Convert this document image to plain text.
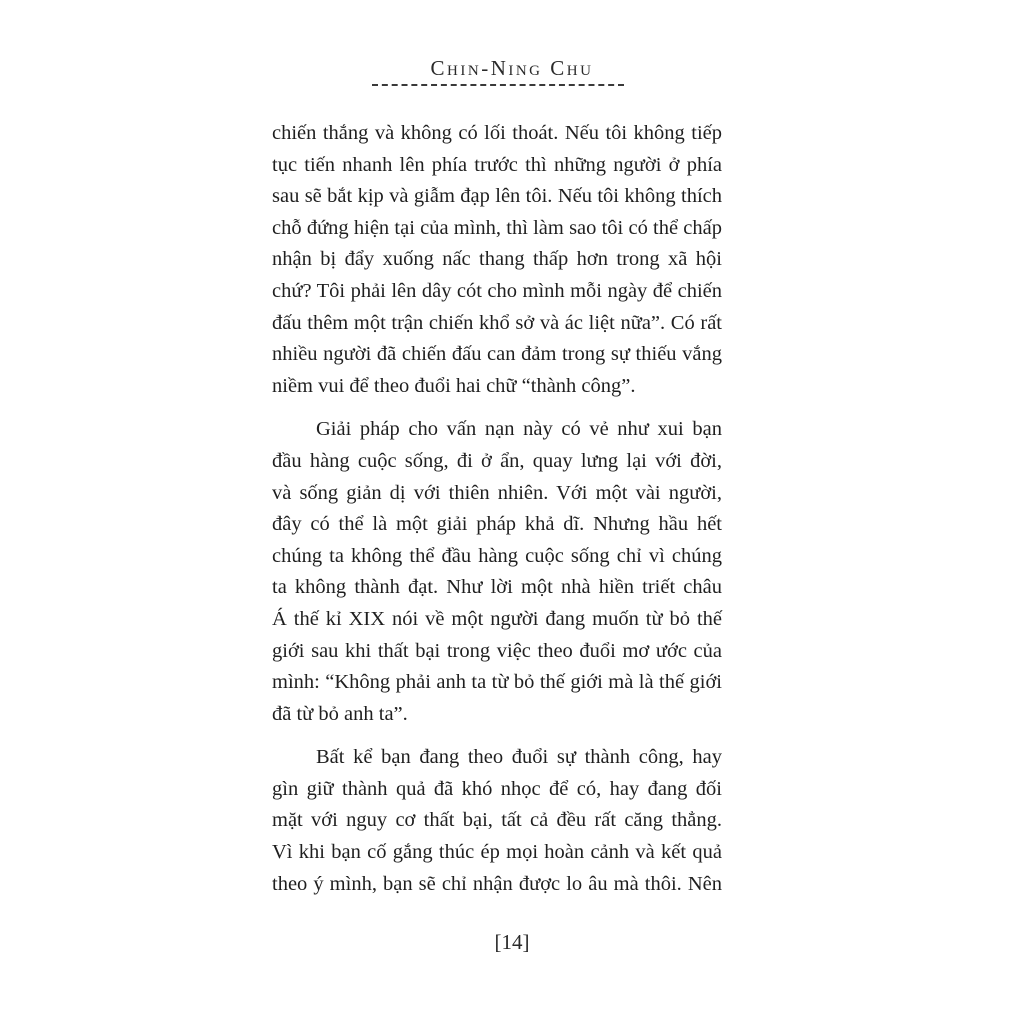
Chin-Ning Chu

chiến thắng và không có lối thoát. Nếu tôi không tiếp
tục tiến nhanh lên phía trước thì những người ở phía
sau sẽ bắt kịp và giẫm đạp lên tôi. Nếu tôi không thích
chỗ đứng hiện tại của mình, thì làm sao tôi có thể chấp
nhận bị đẩy xuống nấc thang thấp hơn trong xã hội
chứ? Tôi phải lên dây cót cho mình mỗi ngày để chiến
đấu thêm một trận chiến khổ sở và ác liệt nữa”. Có rất
nhiều người đã chiến đấu can đảm trong sự thiếu vắng
niềm vui để theo đuổi hai chữ “thành công”.

Giải pháp cho vấn nạn này có vẻ như xui bạn
đầu hàng cuộc sống, đi ở ẩn, quay lưng lại với đời,
và sống giản dị với thiên nhiên. Với một vài người,
đây có thể là một giải pháp khả dĩ. Nhưng hầu hết
chúng ta không thể đầu hàng cuộc sống chỉ vì chúng
ta không thành đạt. Như lời một nhà hiền triết châu
Á thế kỉ XIX nói về một người đang muốn từ bỏ thế
giới sau khi thất bại trong việc theo đuổi mơ ước của
mình: “Không phải anh ta từ bỏ thế giới mà là thế giới
đã từ bỏ anh ta”.

Bất kể bạn đang theo đuổi sự thành công, hay
gìn giữ thành quả đã khó nhọc để có, hay đang đối
mặt với nguy cơ thất bại, tất cả đều rất căng thẳng.
Vì khi bạn cố gắng thúc ép mọi hoàn cảnh và kết quả
theo ý mình, bạn sẽ chỉ nhận được lo âu mà thôi. Nên

[14]
